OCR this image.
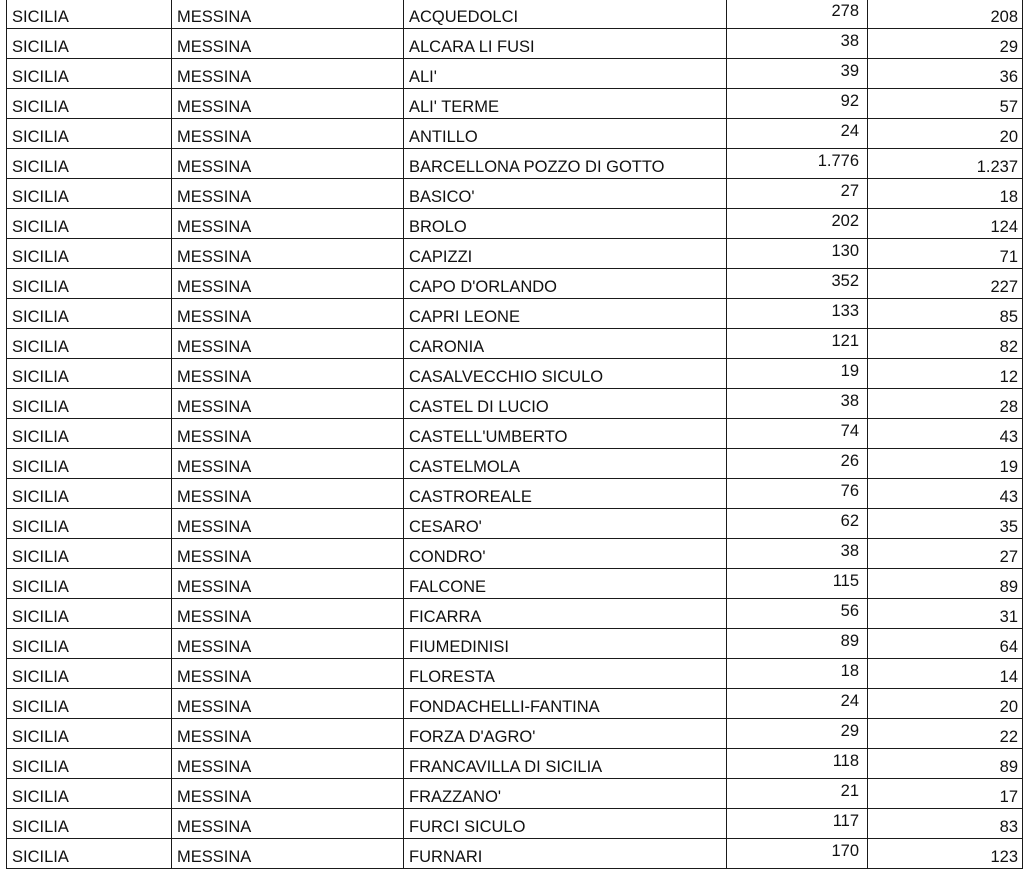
SICILIA	MESSINA	ACQUEDOLCI	278	208
SICILIA	MESSINA	ALCARA LI FUSI	38	29
SICILIA	MESSINA	ALI'	39	36
SICILIA	MESSINA	ALI' TERME	92	57
SICILIA	MESSINA	ANTILLO	24	20
SICILIA	MESSINA	BARCELLONA POZZO DI GOTTO	1.776	1.237
SICILIA	MESSINA	BASICO'	27	18
SICILIA	MESSINA	BROLO	202	124
SICILIA	MESSINA	CAPIZZI	130	71
SICILIA	MESSINA	CAPO D'ORLANDO	352	227
SICILIA	MESSINA	CAPRI LEONE	133	85
SICILIA	MESSINA	CARONIA	121	82
SICILIA	MESSINA	CASALVECCHIO SICULO	19	12
SICILIA	MESSINA	CASTEL DI LUCIO	38	28
SICILIA	MESSINA	CASTELL'UMBERTO	74	43
SICILIA	MESSINA	CASTELMOLA	26	19
SICILIA	MESSINA	CASTROREALE	76	43
SICILIA	MESSINA	CESARO'	62	35
SICILIA	MESSINA	CONDRO'	38	27
SICILIA	MESSINA	FALCONE	115	89
SICILIA	MESSINA	FICARRA	56	31
SICILIA	MESSINA	FIUMEDINISI	89	64
SICILIA	MESSINA	FLORESTA	18	14
SICILIA	MESSINA	FONDACHELLI-FANTINA	24	20
SICILIA	MESSINA	FORZA D'AGRO'	29	22
SICILIA	MESSINA	FRANCAVILLA DI SICILIA	118	89
SICILIA	MESSINA	FRAZZANO'	21	17
SICILIA	MESSINA	FURCI SICULO	117	83
SICILIA	MESSINA	FURNARI	170	123
